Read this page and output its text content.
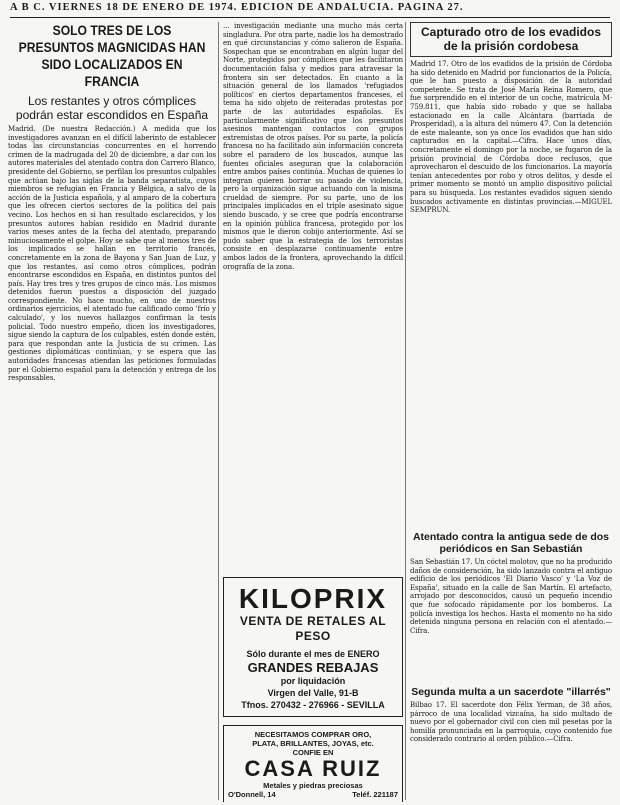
A B C. VIERNES 18 DE ENERO DE 1974. EDICION DE ANDALUCIA. PAGINA 27.
SOLO TRES DE LOS PRESUNTOS MAGNICIDAS HAN SIDO LOCALIZADOS EN FRANCIA
Los restantes y otros cómplices podrán estar escondidos en España

Madrid. (De nuestra Redacción.) A medida que los investigadores avanzan en el difícil laberinto de establecer todas las circunstancias concurrentes en el horrendo crimen de la madrugada del 20 de diciembre, a dar con los autores materiales del atentado contra don Carrero Blanco, presidente del Gobierno, se perfilan los presuntos culpables que actúan bajo las siglas de la banda separatista, cuyos miembros se refugian en Francia y Bélgica, a salvo de la acción de la Justicia española, y al amparo de la cobertura que les ofrecen ciertos sectores de la política del país vecino. Los hechos en si han resultado esclarecidos, y los presuntos autores habían residido en Madrid durante varios meses antes de la fecha del atentado, preparando minuciosamente el golpe. Hoy se sabe que al menos tres de los implicados se hallan en territorio francés, concretamente en la zona de Bayona y San Juan de Luz, y que los restantes, así como otros cómplices, podrán encontrarse escondidos en España, en distintos puntos del país. Hay tres tres y tres grupos de cinco más. Los mismos detenidos fueron puestos a disposición del juzgado correspondiente. No hace mucho, en uno de nuestros ordinarios ejercicios, el atentado fue calificado como 'frío y calculado', y los nuevos hallazgos confirman la tesis policial. Todo nuestro empeño, dicen los investigadores, sigue siendo la captura de los culpables, estén donde estén, para que respondan ante la Justicia de su crimen. Las gestiones diplomáticas continúan, y se espera que las autoridades francesas atiendan las peticiones formuladas por el Gobierno español para la detención y entrega de los responsables.

... investigación mediante una mucho más certa singladura. Por otra parte, nadie los ha demostrado en qué circunstancias y cómo salieron de España. Sospechan que se encontraban en algún lugar del Norte, protegidos por cómplices que les facilitaron documentación falsa y medios para atravesar la frontera sin ser detectados. En cuanto a la situación general de los llamados 'refugiados políticos' en ciertos departamentos franceses, el tema ha sido objeto de reiteradas protestas por parte de las autoridades españolas. Es particularmente significativo que los presuntos asesinos mantengan contactos con grupos extremistas de otros países. Por su parte, la policía francesa no ha facilitado aún información concreta sobre el paradero de los buscados, aunque las fuentes oficiales aseguran que la colaboración entre ambos países continúa. Muchas de quienes lo integran quieren borrar su pasado de violencia, pero la organización sigue actuando con la misma crueldad de siempre. Por su parte, uno de los principales implicados en el triple asesinato sigue siendo buscado, y se cree que podría encontrarse en la opinión pública francesa, protegido por los mismos que le dieron cobijo anteriormente. Así se pudo saber que la estrategia de los terroristas consiste en desplazarse continuamente entre ambos lados de la frontera, aprovechando la difícil orografía de la zona.

KILOPRIX
VENTA DE RETALES AL PESO
Sólo durante el mes de ENERO
GRANDES REBAJAS
por liquidación
Virgen del Valle, 91-B
Tfnos. 270432 - 276966 - SEVILLA
NECESITAMOS COMPRAR ORO,
PLATA, BRILLANTES, JOYAS, etc.
CONFIE EN
CASA RUIZ
Metales y piedras preciosas
O'Donnell, 14	Teléf. 221187
Capturado otro de los evadidos de la prisión cordobesa

Madrid 17. Otro de los evadidos de la prisión de Córdoba ha sido detenido en Madrid por funcionarios de la Policía, que le han puesto a disposición de la autoridad competente. Se trata de José María Reina Romero, que fue sorprendido en el interior de un coche, matrícula M-759.811, que había sido robado y que se hallaba estacionado en la calle Alcántara (barriada de Prosperidad), a la altura del número 47. Con la detención de este maleante, son ya once los evadidos que han sido capturados en la capital.—Cifra. Hace unos días, concretamente el domingo por la noche, se fugaron de la prisión provincial de Córdoba doce reclusos, que aprovecharon el descuido de los funcionarios. La mayoría tenían antecedentes por robo y otros delitos, y desde el primer momento se montó un amplio dispositivo policial para su búsqueda. Los restantes evadidos siguen siendo buscados activamente en distintas provincias.—MIGUEL SEMPRUN.

Atentado contra la antigua sede de dos periódicos en San Sebastián

San Sebastián 17. Un cóctel molotov, que no ha producido daños de consideración, ha sido lanzado contra el antiguo edificio de los periódicos 'El Diario Vasco' y 'La Voz de España', situado en la calle de San Martín. El artefacto, arrojado por desconocidos, causó un pequeño incendio que fue sofocado rápidamente por los bomberos. La policía investiga los hechos. Hasta el momento no ha sido detenida ninguna persona en relación con el atentado.—Cifra.

Segunda multa a un sacerdote "illarrés"

Bilbao 17. El sacerdote don Félix Yerman, de 38 años, párroco de una localidad vizcaína, ha sido multado de nuevo por el gobernador civil con cien mil pesetas por la homilía pronunciada en la parroquia, cuyo contenido fue considerado contrario al orden público.—Cifra.
